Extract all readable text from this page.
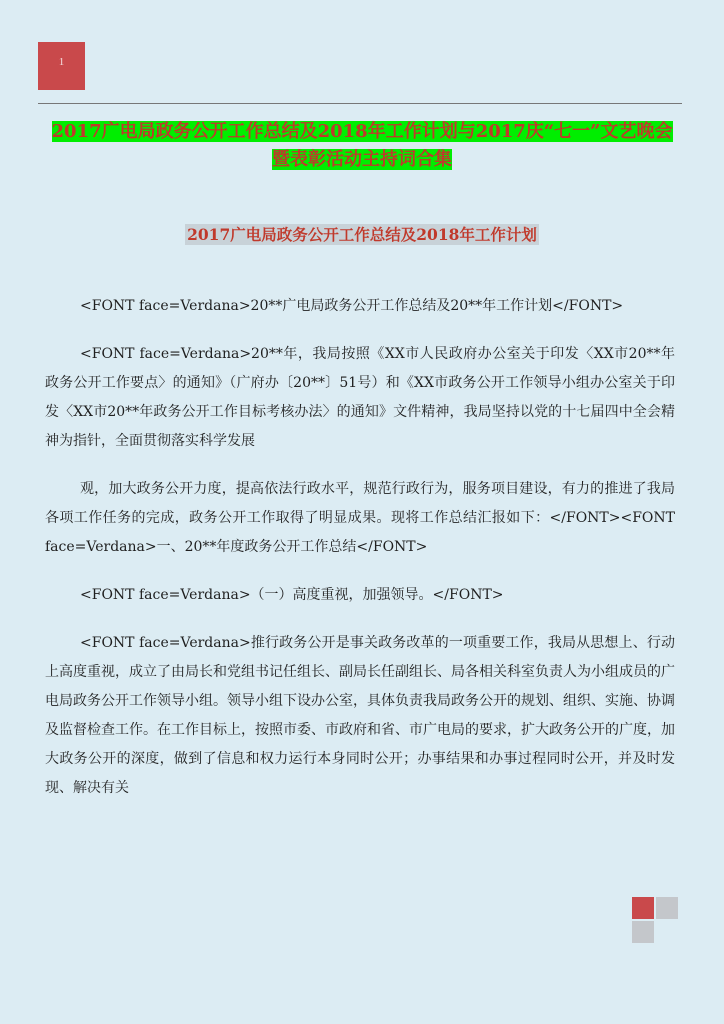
1
2017广电局政务公开工作总结及2018年工作计划与2017庆“七一”文艺晚会暨表彰活动主持词合集
2017广电局政务公开工作总结及2018年工作计划

<FONT face=Verdana>20**广电局政务公开工作总结及20**年工作计划</FONT>

<FONT face=Verdana>20**年，我局按照《XX市人民政府办公室关于印发〈XX市20**年政务公开工作要点〉的通知》（广府办〔20**〕51号）和《XX市政务公开工作领导小组办公室关于印发〈XX市20**年政务公开工作目标考核办法〉的通知》文件精神，我局坚持以党的十七届四中全会精神为指针，全面贯彻落实科学发展

观，加大政务公开力度，提高依法行政水平，规范行政行为，服务项目建设，有力的推进了我局各项工作任务的完成，政务公开工作取得了明显成果。现将工作总结汇报如下：</FONT><FONT face=Verdana>一、20**年度政务公开工作总结</FONT>

<FONT face=Verdana>（一）高度重视，加强领导。</FONT>

<FONT face=Verdana>推行政务公开是事关政务改革的一项重要工作，我局从思想上、行动上高度重视，成立了由局长和党组书记任组长、副局长任副组长、局各相关科室负责人为小组成员的广电局政务公开工作领导小组。领导小组下设办公室，具体负责我局政务公开的规划、组织、实施、协调及监督检查工作。在工作目标上，按照市委、市政府和省、市广电局的要求，扩大政务公开的广度，加大政务公开的深度，做到了信息和权力运行本身同时公开；办事结果和办事过程同时公开，并及时发现、解决有关
